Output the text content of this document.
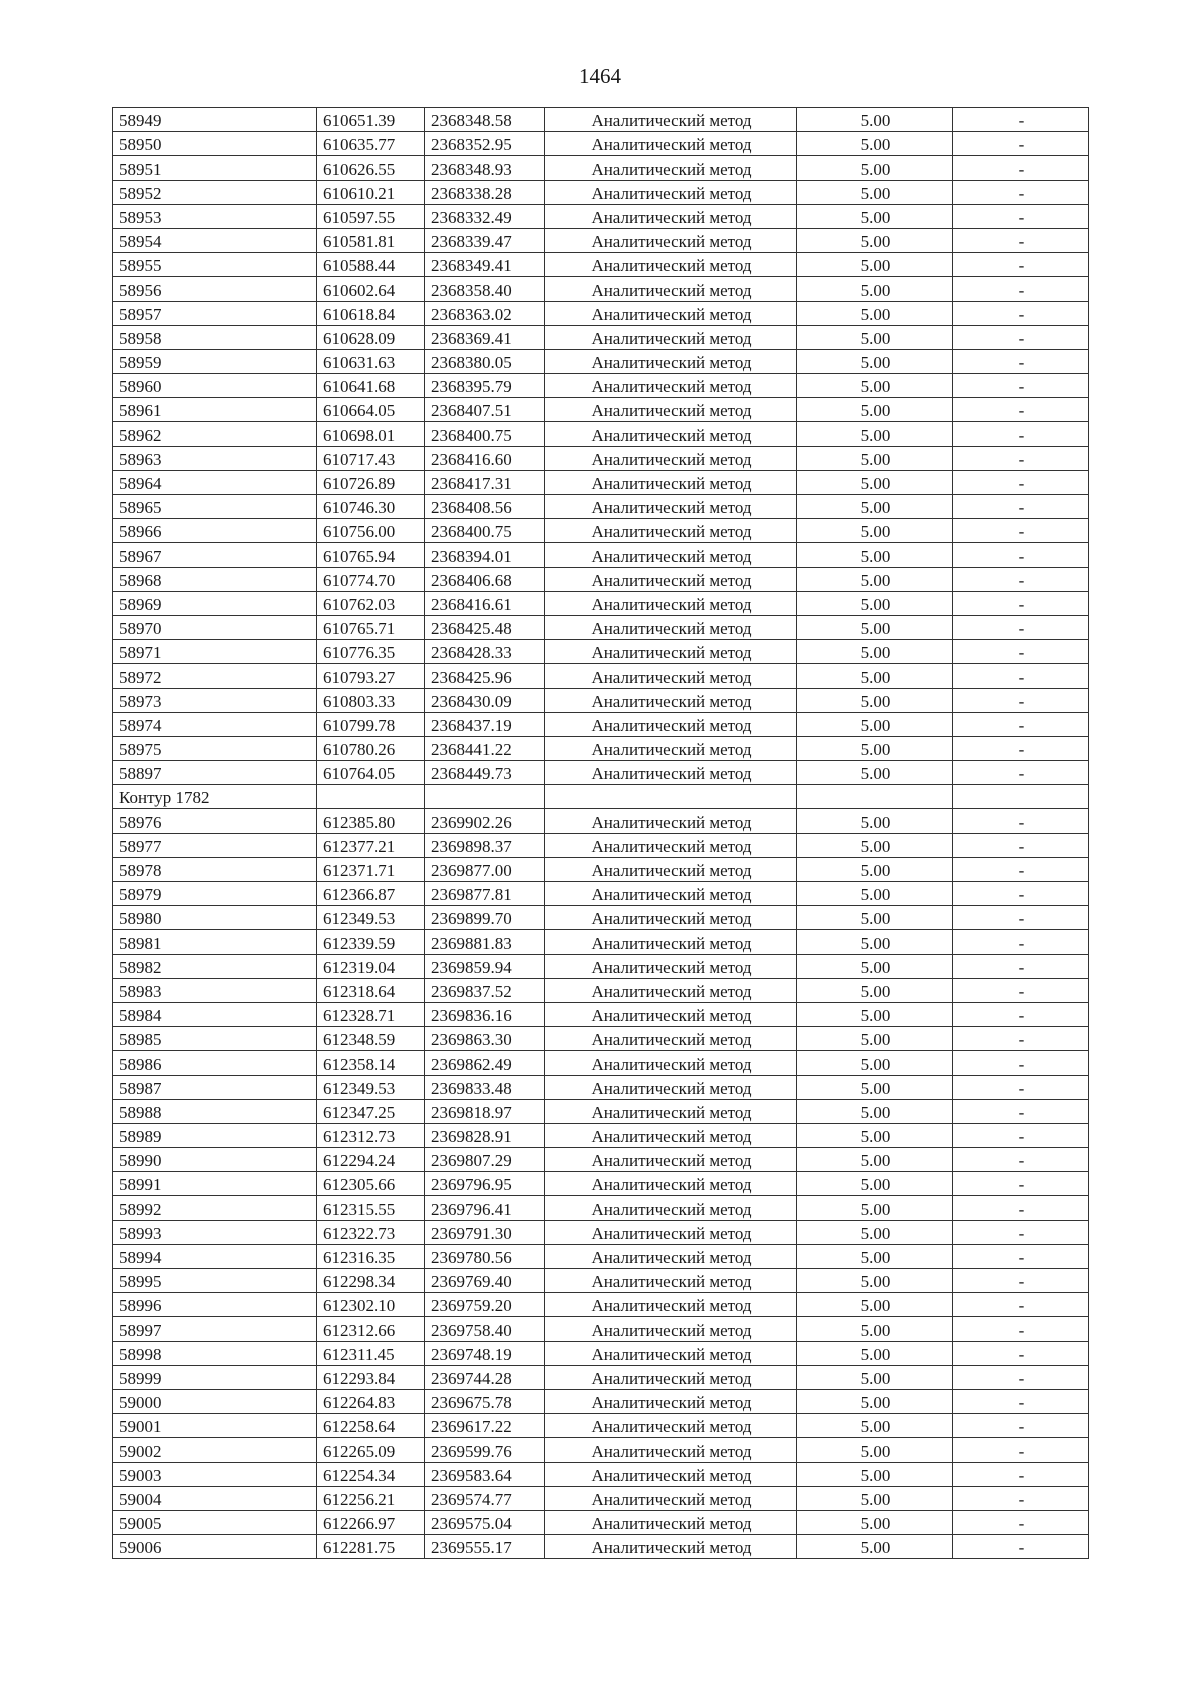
1464
58949	610651.39	2368348.58	Аналитический метод	5.00	-
58950	610635.77	2368352.95	Аналитический метод	5.00	-
58951	610626.55	2368348.93	Аналитический метод	5.00	-
58952	610610.21	2368338.28	Аналитический метод	5.00	-
58953	610597.55	2368332.49	Аналитический метод	5.00	-
58954	610581.81	2368339.47	Аналитический метод	5.00	-
58955	610588.44	2368349.41	Аналитический метод	5.00	-
58956	610602.64	2368358.40	Аналитический метод	5.00	-
58957	610618.84	2368363.02	Аналитический метод	5.00	-
58958	610628.09	2368369.41	Аналитический метод	5.00	-
58959	610631.63	2368380.05	Аналитический метод	5.00	-
58960	610641.68	2368395.79	Аналитический метод	5.00	-
58961	610664.05	2368407.51	Аналитический метод	5.00	-
58962	610698.01	2368400.75	Аналитический метод	5.00	-
58963	610717.43	2368416.60	Аналитический метод	5.00	-
58964	610726.89	2368417.31	Аналитический метод	5.00	-
58965	610746.30	2368408.56	Аналитический метод	5.00	-
58966	610756.00	2368400.75	Аналитический метод	5.00	-
58967	610765.94	2368394.01	Аналитический метод	5.00	-
58968	610774.70	2368406.68	Аналитический метод	5.00	-
58969	610762.03	2368416.61	Аналитический метод	5.00	-
58970	610765.71	2368425.48	Аналитический метод	5.00	-
58971	610776.35	2368428.33	Аналитический метод	5.00	-
58972	610793.27	2368425.96	Аналитический метод	5.00	-
58973	610803.33	2368430.09	Аналитический метод	5.00	-
58974	610799.78	2368437.19	Аналитический метод	5.00	-
58975	610780.26	2368441.22	Аналитический метод	5.00	-
58897	610764.05	2368449.73	Аналитический метод	5.00	-
Контур 1782					
58976	612385.80	2369902.26	Аналитический метод	5.00	-
58977	612377.21	2369898.37	Аналитический метод	5.00	-
58978	612371.71	2369877.00	Аналитический метод	5.00	-
58979	612366.87	2369877.81	Аналитический метод	5.00	-
58980	612349.53	2369899.70	Аналитический метод	5.00	-
58981	612339.59	2369881.83	Аналитический метод	5.00	-
58982	612319.04	2369859.94	Аналитический метод	5.00	-
58983	612318.64	2369837.52	Аналитический метод	5.00	-
58984	612328.71	2369836.16	Аналитический метод	5.00	-
58985	612348.59	2369863.30	Аналитический метод	5.00	-
58986	612358.14	2369862.49	Аналитический метод	5.00	-
58987	612349.53	2369833.48	Аналитический метод	5.00	-
58988	612347.25	2369818.97	Аналитический метод	5.00	-
58989	612312.73	2369828.91	Аналитический метод	5.00	-
58990	612294.24	2369807.29	Аналитический метод	5.00	-
58991	612305.66	2369796.95	Аналитический метод	5.00	-
58992	612315.55	2369796.41	Аналитический метод	5.00	-
58993	612322.73	2369791.30	Аналитический метод	5.00	-
58994	612316.35	2369780.56	Аналитический метод	5.00	-
58995	612298.34	2369769.40	Аналитический метод	5.00	-
58996	612302.10	2369759.20	Аналитический метод	5.00	-
58997	612312.66	2369758.40	Аналитический метод	5.00	-
58998	612311.45	2369748.19	Аналитический метод	5.00	-
58999	612293.84	2369744.28	Аналитический метод	5.00	-
59000	612264.83	2369675.78	Аналитический метод	5.00	-
59001	612258.64	2369617.22	Аналитический метод	5.00	-
59002	612265.09	2369599.76	Аналитический метод	5.00	-
59003	612254.34	2369583.64	Аналитический метод	5.00	-
59004	612256.21	2369574.77	Аналитический метод	5.00	-
59005	612266.97	2369575.04	Аналитический метод	5.00	-
59006	612281.75	2369555.17	Аналитический метод	5.00	-
